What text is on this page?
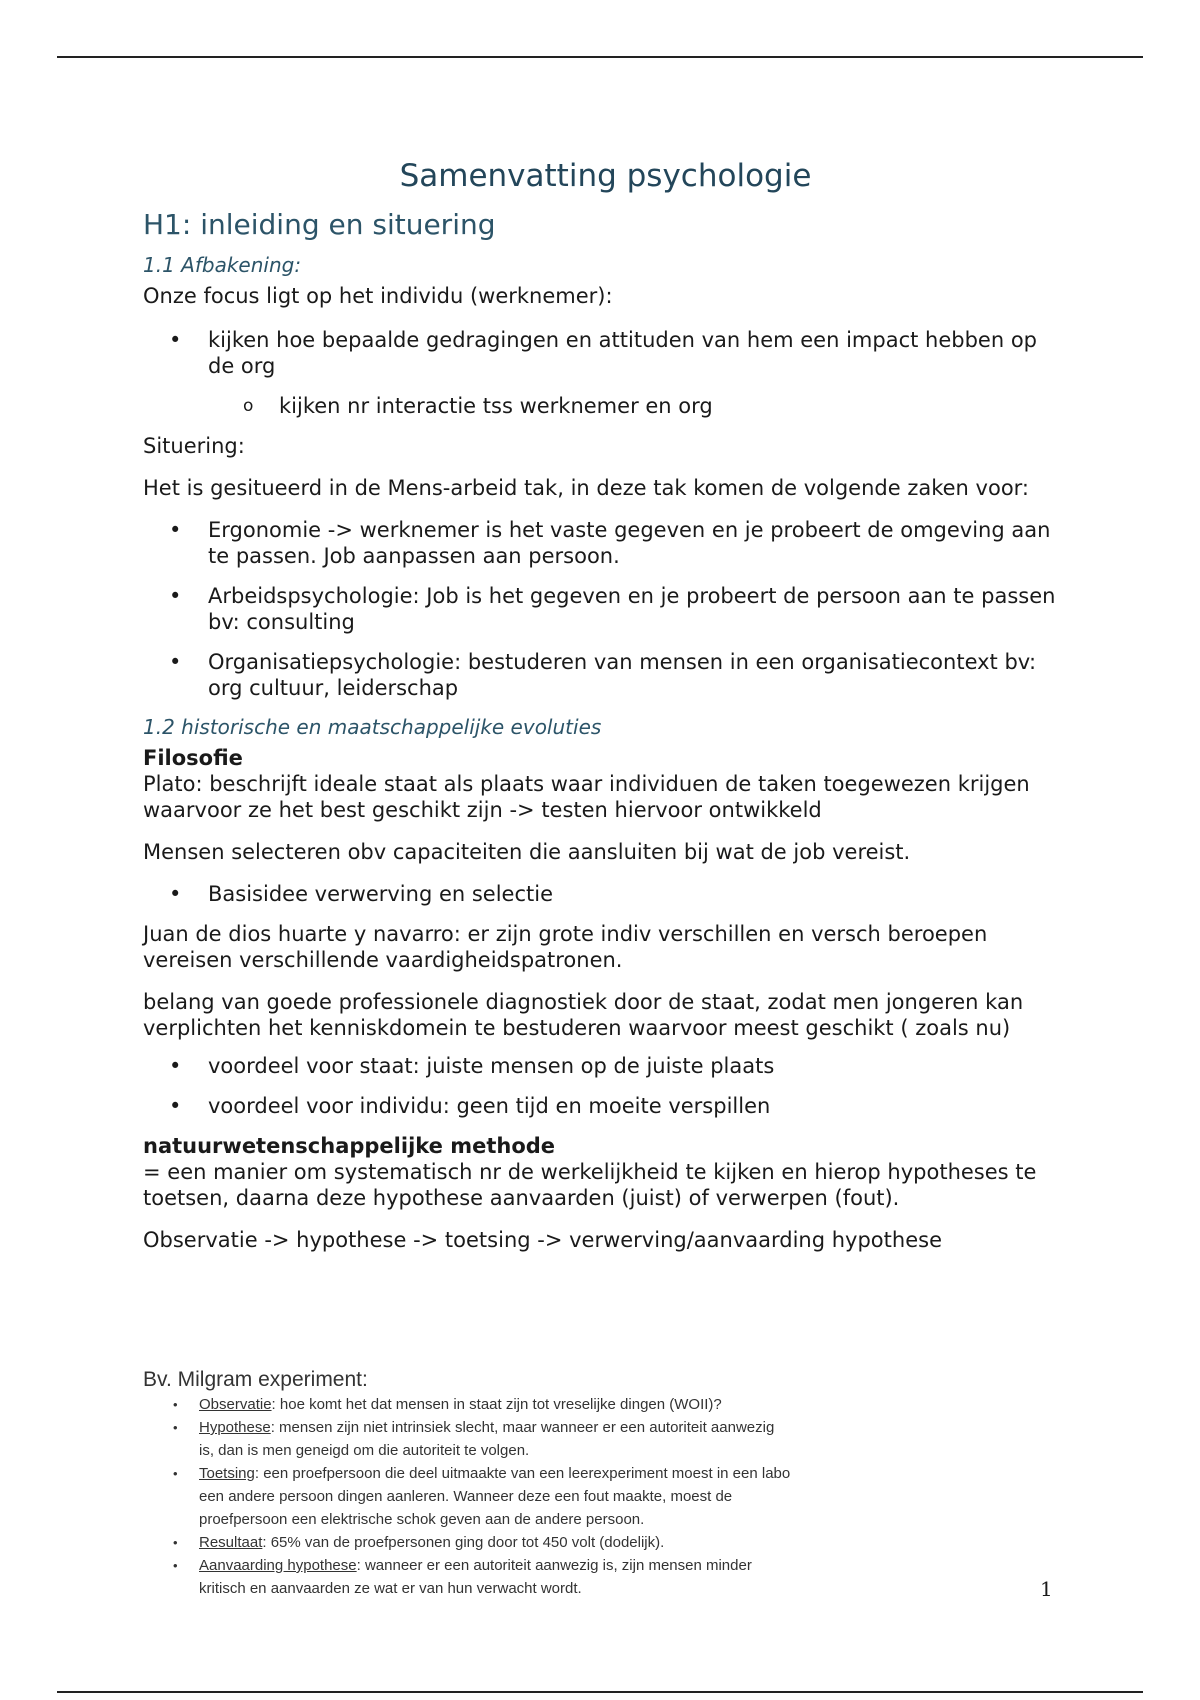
Samenvatting psychologie
H1: inleiding en situering
1.1 Afbakening:

Onze focus ligt op het individu (werknemer):

• kijken hoe bepaalde gedragingen en attituden van hem een impact hebben op de org
o kijken nr interactie tss werknemer en org

Situering:

Het is gesitueerd in de Mens-arbeid tak, in deze tak komen de volgende zaken voor:

• Ergonomie -> werknemer is het vaste gegeven en je probeert de omgeving aan te passen. Job aanpassen aan persoon.
• Arbeidspsychologie: Job is het gegeven en je probeert de persoon aan te passen bv: consulting
• Organisatiepsychologie: bestuderen van mensen in een organisatiecontext bv: org cultuur, leiderschap
1.2 historische en maatschappelijke evoluties
Filosofie

Plato: beschrijft ideale staat als plaats waar individuen de taken toegewezen krijgen waarvoor ze het best geschikt zijn -> testen hiervoor ontwikkeld

Mensen selecteren obv capaciteiten die aansluiten bij wat de job vereist.

• Basisidee verwerving en selectie

Juan de dios huarte y navarro: er zijn grote indiv verschillen en versch beroepen vereisen verschillende vaardigheidspatronen.

belang van goede professionele diagnostiek door de staat, zodat men jongeren kan verplichten het kenniskdomein te bestuderen waarvoor meest geschikt ( zoals nu)

• voordeel voor staat: juiste mensen op de juiste plaats
• voordeel voor individu: geen tijd en moeite verspillen
natuurwetenschappelijke methode

= een manier om systematisch nr de werkelijkheid te kijken en hierop hypotheses te toetsen, daarna deze hypothese aanvaarden (juist) of verwerpen (fout).

Observatie -> hypothese -> toetsing -> verwerving/aanvaarding hypothese

Bv. Milgram experiment:

• Observatie: hoe komt het dat mensen in staat zijn tot vreselijke dingen (WOII)?
• Hypothese: mensen zijn niet intrinsiek slecht, maar wanneer er een autoriteit aanwezig is, dan is men geneigd om die autoriteit te volgen.
• Toetsing: een proefpersoon die deel uitmaakte van een leerexperiment moest in een labo een andere persoon dingen aanleren. Wanneer deze een fout maakte, moest de proefpersoon een elektrische schok geven aan de andere persoon.
• Resultaat: 65% van de proefpersonen ging door tot 450 volt (dodelijk).
• Aanvaarding hypothese: wanneer er een autoriteit aanwezig is, zijn mensen minder kritisch en aanvaarden ze wat er van hun verwacht wordt.	1
